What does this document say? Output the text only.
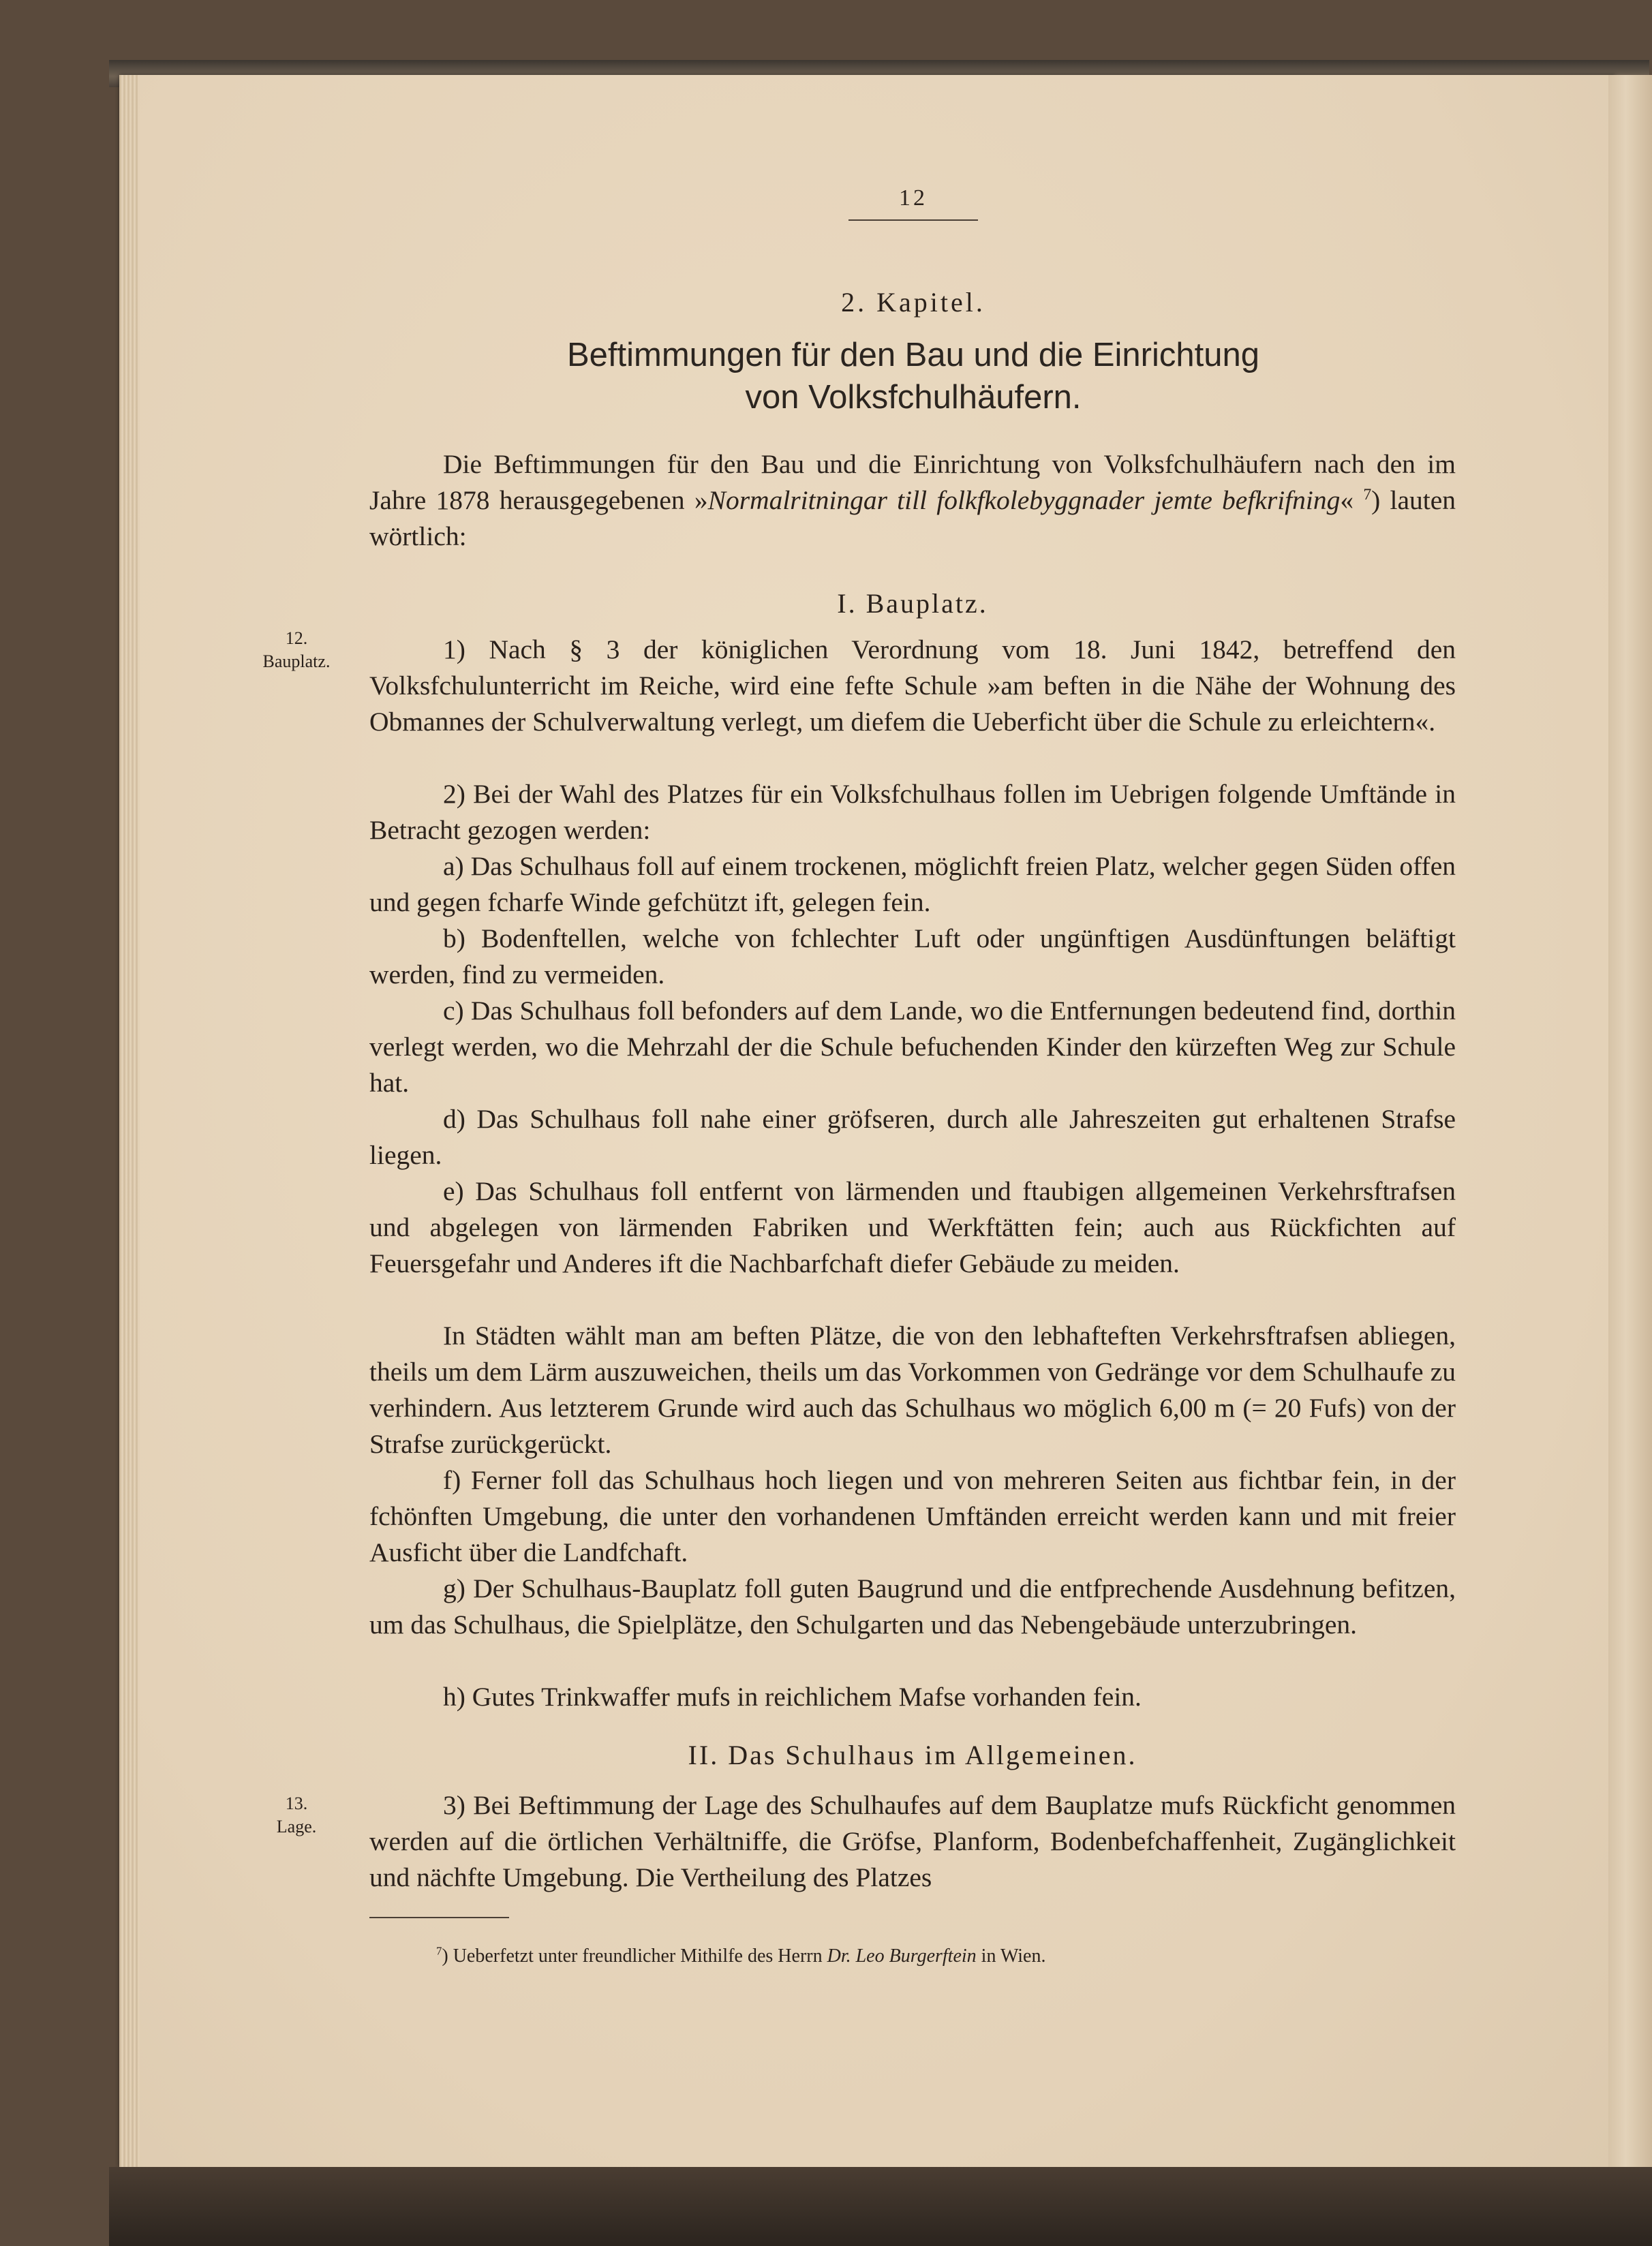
12
2. Kapitel.
Beftimmungen für den Bau und die Einrichtung
von Volksfchulhäufern.

Die Beftimmungen für den Bau und die Einrichtung von Volksfchulhäufern nach den im Jahre 1878 herausgegebenen »Normalritningar till folkfkolebyggnader jemte befkrifning« $^7$) lauten wörtlich:

I. Bauplatz.
12.
Bauplatz.	1) Nach § 3 der königlichen Verordnung vom 18. Juni 1842, betreffend den Volksfchulunterricht im Reiche, wird eine fefte Schule »am beften in die Nähe der Wohnung des Obmannes der Schulverwaltung verlegt, um diefem die Ueberficht über die Schule zu erleichtern«.

2) Bei der Wahl des Platzes für ein Volksfchulhaus follen im Uebrigen folgende Umftände in Betracht gezogen werden:

a) Das Schulhaus foll auf einem trockenen, möglichft freien Platz, welcher gegen Süden offen und gegen fcharfe Winde gefchützt ift, gelegen fein.

b) Bodenftellen, welche von fchlechter Luft oder ungünftigen Ausdünftungen beläftigt werden, find zu vermeiden.

c) Das Schulhaus foll befonders auf dem Lande, wo die Entfernungen bedeutend find, dorthin verlegt werden, wo die Mehrzahl der die Schule befuchenden Kinder den kürzeften Weg zur Schule hat.

d) Das Schulhaus foll nahe einer gröfseren, durch alle Jahreszeiten gut erhaltenen Strafse liegen.

e) Das Schulhaus foll entfernt von lärmenden und ftaubigen allgemeinen Verkehrsftrafsen und abgelegen von lärmenden Fabriken und Werkftätten fein; auch aus Rückfichten auf Feuersgefahr und Anderes ift die Nachbarfchaft diefer Gebäude zu meiden.

In Städten wählt man am beften Plätze, die von den lebhafteften Verkehrsftrafsen abliegen, theils um dem Lärm auszuweichen, theils um das Vorkommen von Gedränge vor dem Schulhaufe zu verhindern. Aus letzterem Grunde wird auch das Schulhaus wo möglich 6,00 m (= 20 Fufs) von der Strafse zurückgerückt.

f) Ferner foll das Schulhaus hoch liegen und von mehreren Seiten aus fichtbar fein, in der fchönften Umgebung, die unter den vorhandenen Umftänden erreicht werden kann und mit freier Ausficht über die Landfchaft.

g) Der Schulhaus-Bauplatz foll guten Baugrund und die entfprechende Ausdehnung befitzen, um das Schulhaus, die Spielplätze, den Schulgarten und das Nebengebäude unterzubringen.

h) Gutes Trinkwaffer mufs in reichlichem Mafse vorhanden fein.

II. Das Schulhaus im Allgemeinen.
13.
Lage.

3) Bei Beftimmung der Lage des Schulhaufes auf dem Bauplatze mufs Rückficht genommen werden auf die örtlichen Verhältniffe, die Gröfse, Planform, Bodenbefchaffenheit, Zugänglichkeit und nächfte Umgebung. Die Vertheilung des Platzes

$^7$) Ueberfetzt unter freundlicher Mithilfe des Herrn Dr. Leo Burgerftein in Wien.
